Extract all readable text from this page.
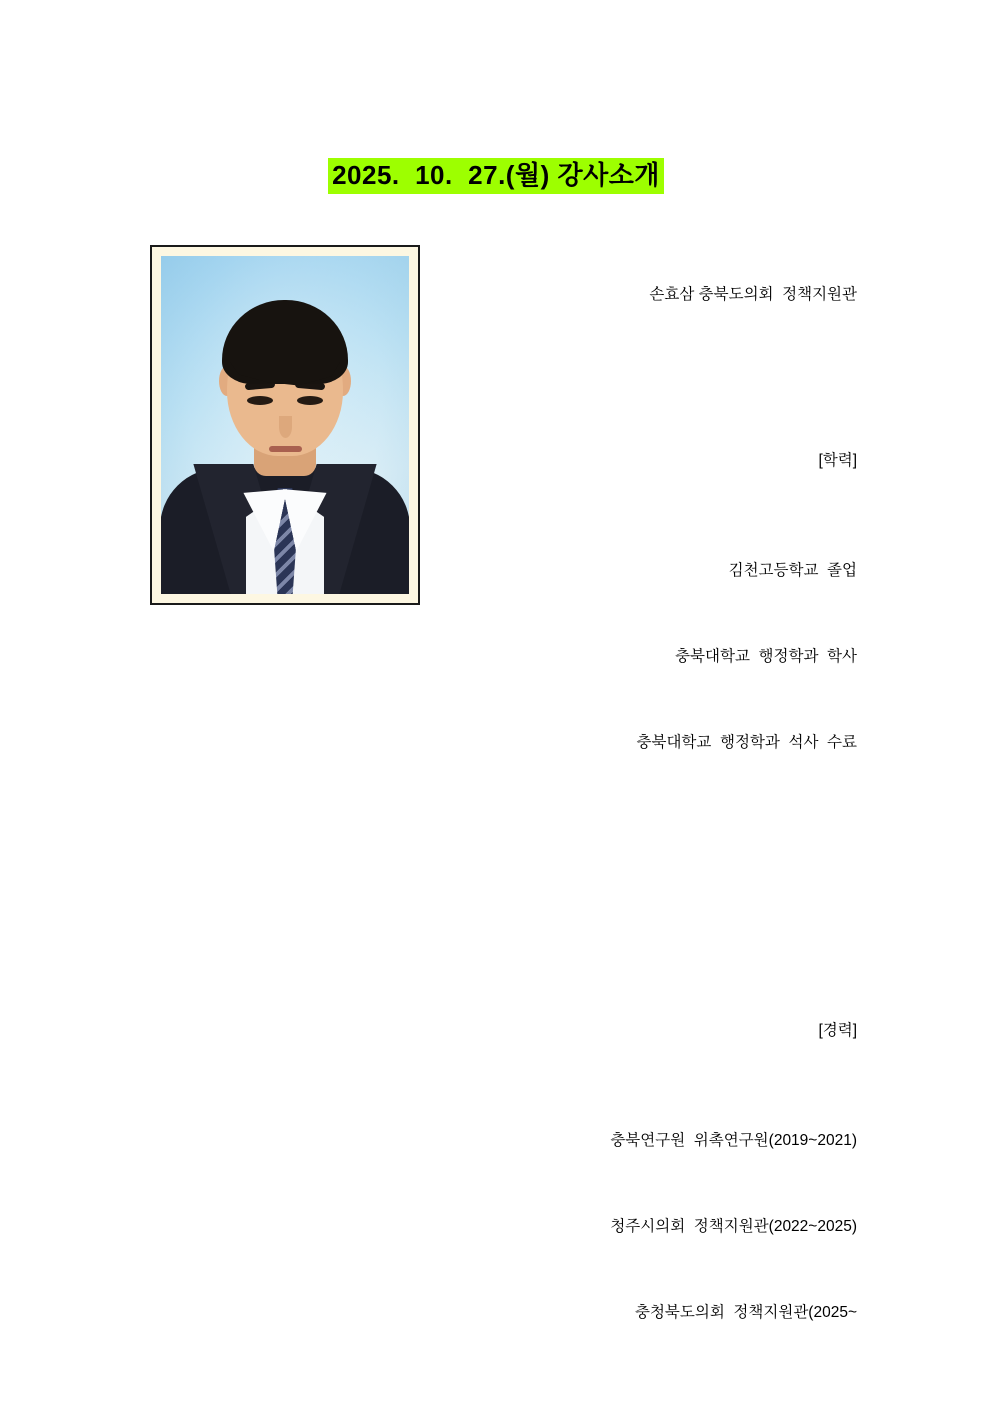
2025.  10.  27.(월) 강사소개

손효삼 충북도의회  정책지원관

[학력]

김천고등학교  졸업

충북대학교  행정학과  학사

충북대학교  행정학과  석사  수료

[경력]

충북연구원  위촉연구원(2019~2021)

청주시의회  정책지원관(2022~2025)

충청북도의회  정책지원관(2025~
